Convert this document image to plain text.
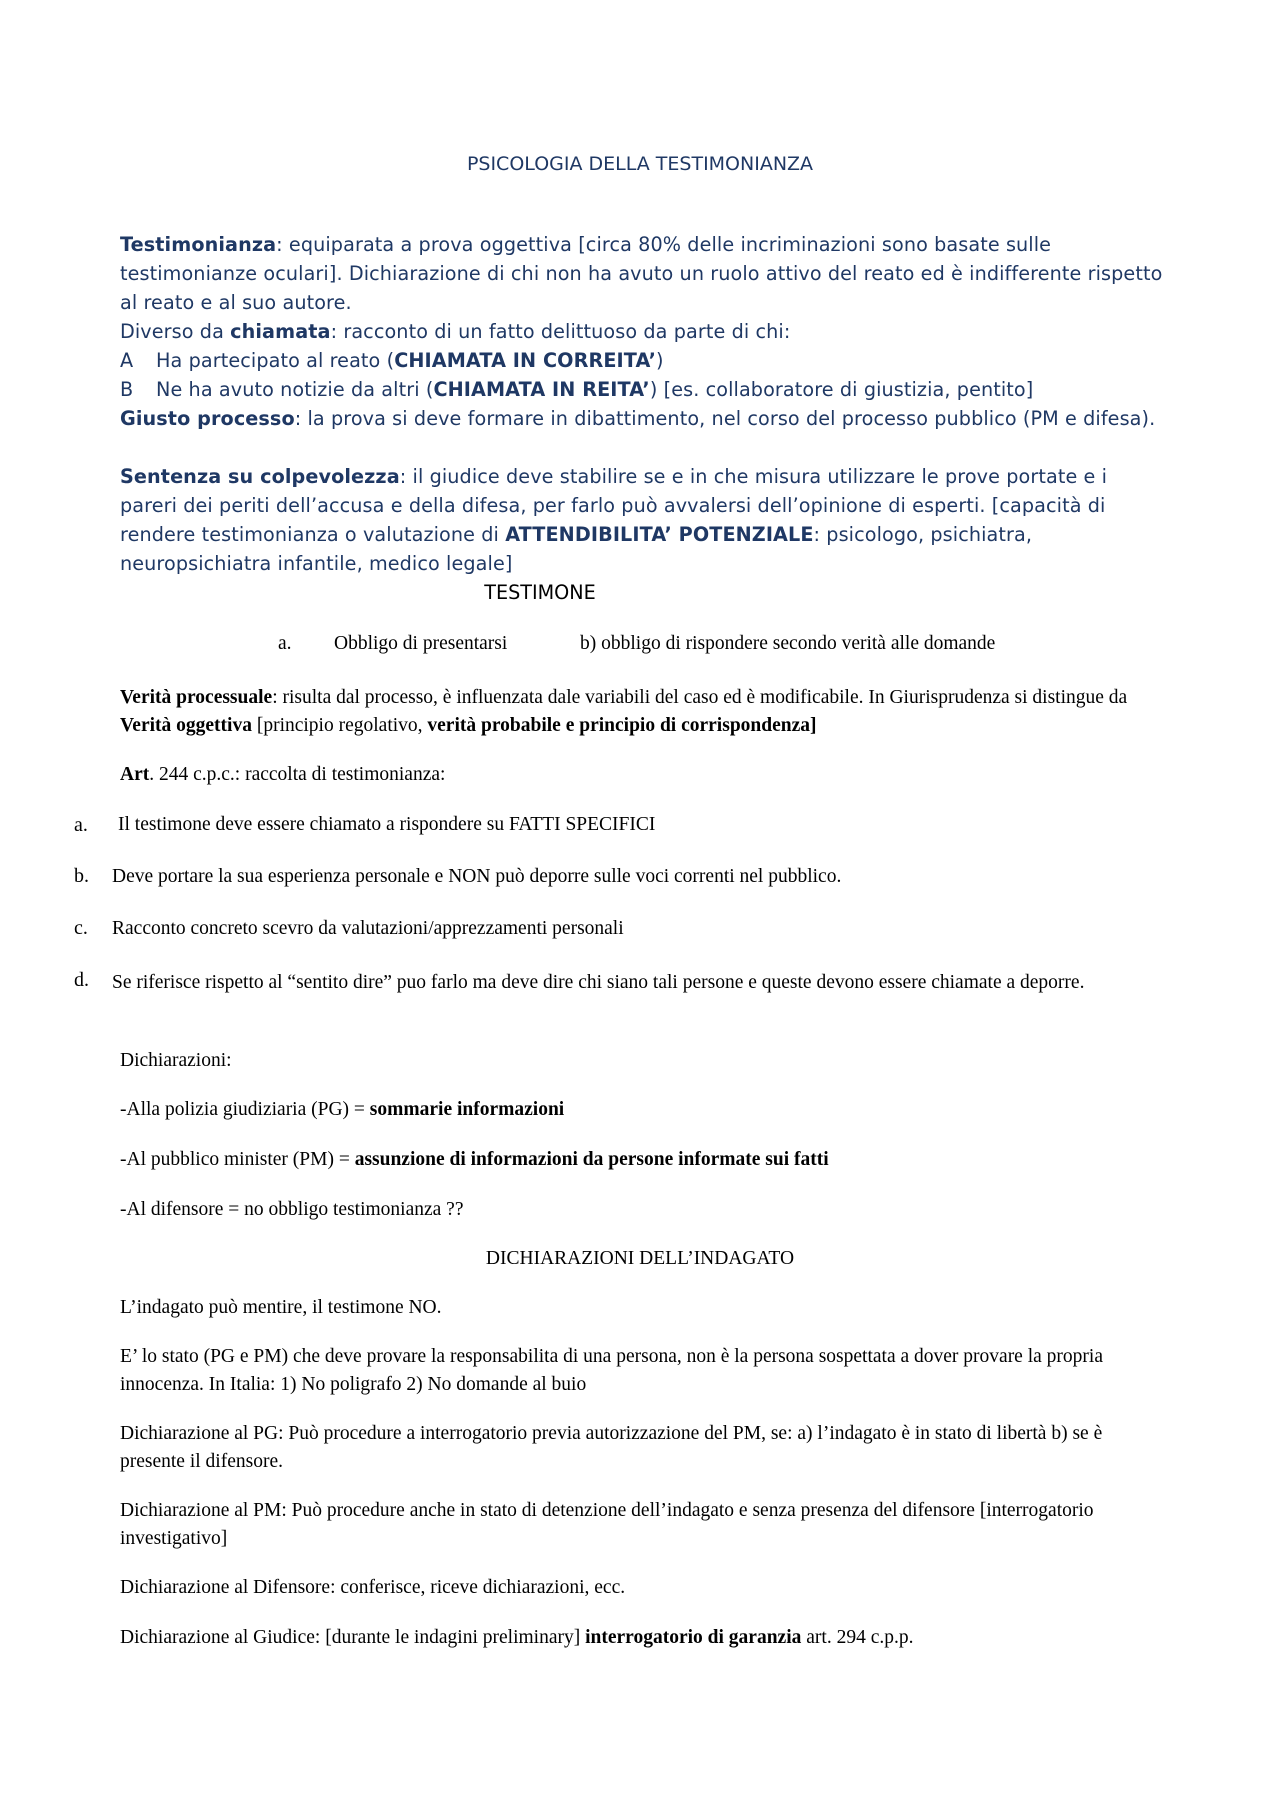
PSICOLOGIA DELLA TESTIMONIANZA
Testimonianza: equiparata a prova oggettiva [circa 80% delle incriminazioni sono basate sulle testimonianze oculari]. Dichiarazione di chi non ha avuto un ruolo attivo del reato ed è indifferente rispetto al reato e al suo autore.
Diverso da chiamata: racconto di un fatto delittuoso da parte di chi:
A Ha partecipato al reato (CHIAMATA IN CORREITA’)
B Ne ha avuto notizie da altri (CHIAMATA IN REITA’) [es. collaboratore di giustizia, pentito]
Giusto processo: la prova si deve formare in dibattimento, nel corso del processo pubblico (PM e difesa).
Sentenza su colpevolezza: il giudice deve stabilire se e in che misura utilizzare le prove portate e i pareri dei periti dell’accusa e della difesa, per farlo può avvalersi dell’opinione di esperti. [capacità di rendere testimonianza o valutazione di ATTENDIBILITA’ POTENZIALE: psicologo, psichiatra, neuropsichiatra infantile, medico legale]
TESTIMONE
a. Obbligo di presentarsi	b) obbligo di rispondere secondo verità alle domande
Verità processuale: risulta dal processo, è influenzata dale variabili del caso ed è modificabile. In Giurisprudenza si distingue da Verità oggettiva [principio regolativo, verità probabile e principio di corrispondenza]
Art. 244 c.p.c.: raccolta di testimonianza:
a. Il testimone deve essere chiamato a rispondere su FATTI SPECIFICI
b. Deve portare la sua esperienza personale e NON può deporre sulle voci correnti nel pubblico.
c. Racconto concreto scevro da valutazioni/apprezzamenti personali
d. Se riferisce rispetto al “sentito dire” puo farlo ma deve dire chi siano tali persone e queste devono essere chiamate a deporre.
Dichiarazioni:
-Alla polizia giudiziaria (PG) = sommarie informazioni
-Al pubblico minister (PM) = assunzione di informazioni da persone informate sui fatti
-Al difensore = no obbligo testimonianza ??
DICHIARAZIONI DELL’INDAGATO
L’indagato può mentire, il testimone NO.
E’ lo stato (PG e PM) che deve provare la responsabilita di una persona, non è la persona sospettata a dover provare la propria innocenza. In Italia: 1) No poligrafo 2) No domande al buio
Dichiarazione al PG: Può procedure a interrogatorio previa autorizzazione del PM, se: a) l’indagato è in stato di libertà b) se è presente il difensore.
Dichiarazione al PM: Può procedure anche in stato di detenzione dell’indagato e senza presenza del difensore [interrogatorio investigativo]
Dichiarazione al Difensore: conferisce, riceve dichiarazioni, ecc.
Dichiarazione al Giudice: [durante le indagini preliminary] interrogatorio di garanzia art. 294 c.p.p.
